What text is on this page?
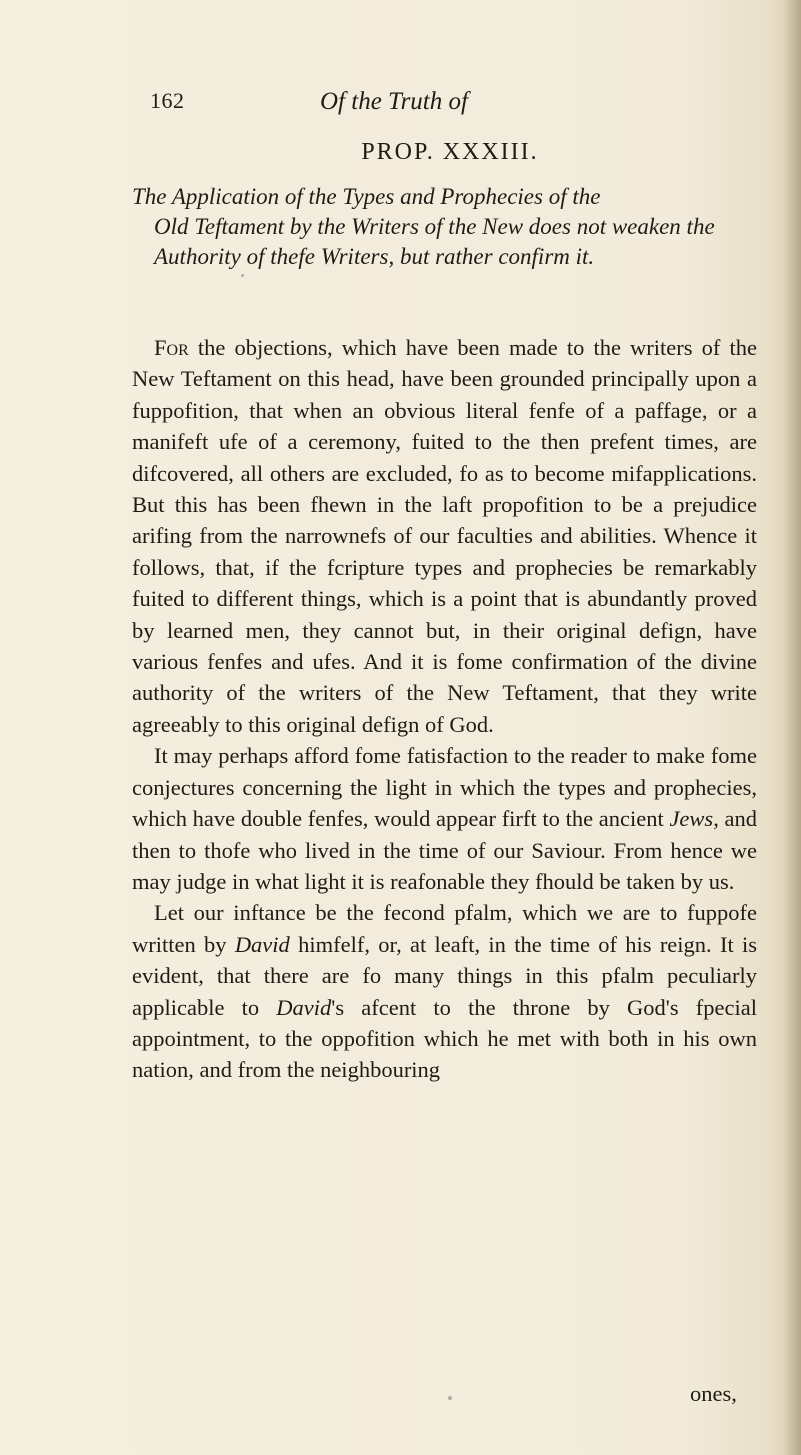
162	Of the Truth of
PROP. XXXIII.
The Application of the Types and Prophecies of the
Old Teftament by the Writers of the New does not weaken the Authority of thefe Writers, but rather confirm it.

For the objections, which have been made to the writers of the New Teftament on this head, have been grounded principally upon a fuppofition, that when an obvious literal fenfe of a paffage, or a manifeft ufe of a ceremony, fuited to the then prefent times, are difcovered, all others are excluded, fo as to become mifapplications. But this has been fhewn in the laft propofition to be a prejudice arifing from the narrownefs of our faculties and abilities. Whence it follows, that, if the fcripture types and prophecies be remarkably fuited to different things, which is a point that is abundantly proved by learned men, they cannot but, in their original defign, have various fenfes and ufes. And it is fome confirmation of the divine authority of the writers of the New Teftament, that they write agreeably to this original defign of God.

It may perhaps afford fome fatisfaction to the reader to make fome conjectures concerning the light in which the types and prophecies, which have double fenfes, would appear firft to the ancient Jews, and then to thofe who lived in the time of our Saviour. From hence we may judge in what light it is reafonable they fhould be taken by us.

Let our inftance be the fecond pfalm, which we are to fuppofe written by David himfelf, or, at leaft, in the time of his reign. It is evident, that there are fo many things in this pfalm peculiarly applicable to David's afcent to the throne by God's fpecial appointment, to the oppofition which he met with both in his own nation, and from the neighbouring

ones,
